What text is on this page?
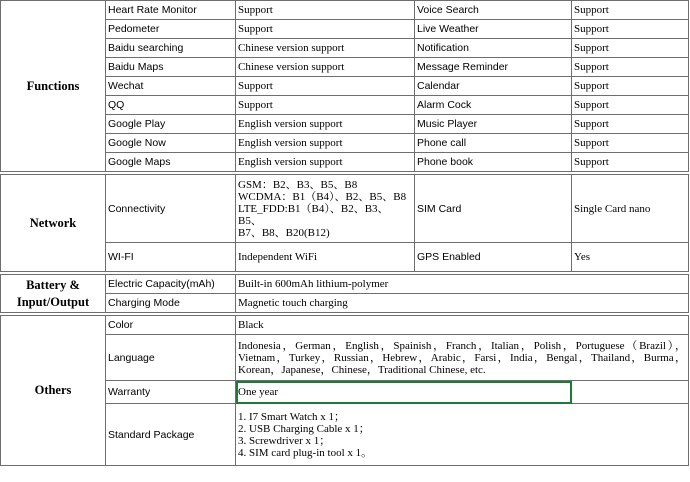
Functions	Heart Rate Monitor	Support	Voice Search	Support
	Pedometer	Support	Live Weather	Support
	Baidu searching	Chinese version support	Notification	Support
	Baidu Maps	Chinese version support	Message Reminder	Support
	Wechat	Support	Calendar	Support
	QQ	Support	Alarm Cock	Support
	Google Play	English version support	Music Player	Support
	Google Now	English version support	Phone call	Support
	Google Maps	English version support	Phone book	Support

Network	Connectivity	GSM：B2、B3、B5、B8
WCDMA：B1（B4）、B2、B5、B8
LTE_FDD:B1（B4）、B2、B3、B5、
B7、B8、B20(B12)	SIM Card	Single Card nano
	WI-FI	Independent WiFi	GPS Enabled	Yes

Battery &
Input/Output	Electric Capacity(mAh)	Built-in 600mAh lithium-polymer		
	Charging Mode	Magnetic touch charging		

Others	Color	Black		
	Language	Indonesia，German，English，Spainish，Franch，Italian，Polish，Portuguese（Brazil），Vietnam，Turkey，Russian，Hebrew，Arabic，Farsi，India，Bengal，Thailand，Burma，Korean，Japanese，Chinese，Traditional Chinese, etc.		
	Warranty	One year		
	Standard Package	1. I7 Smart Watch x 1；
2. USB Charging Cable x 1；
3. Screwdriver x 1；
4. SIM card plug-in tool x 1。		
